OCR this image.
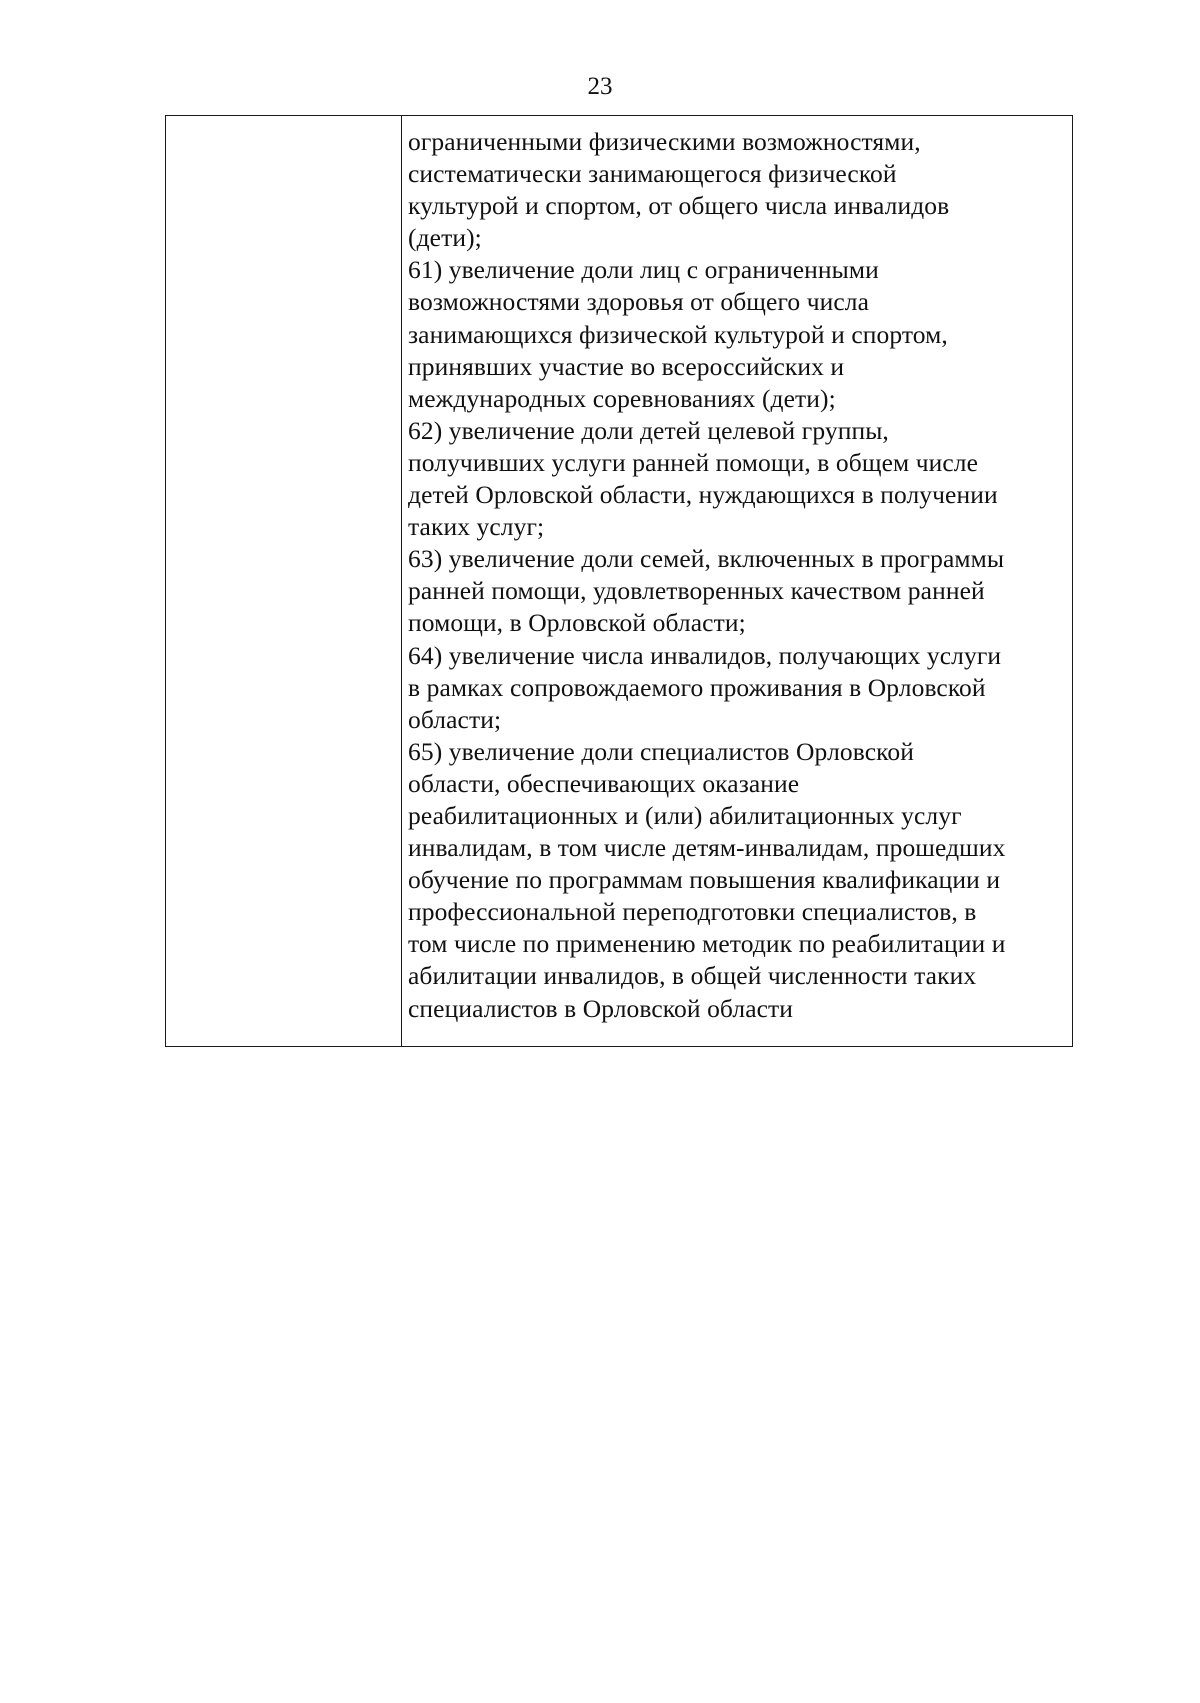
23
ограниченными физическими возможностями,
систематически занимающегося физической
культурой и спортом, от общего числа инвалидов
(дети);
61) увеличение доли лиц с ограниченными
возможностями здоровья от общего числа
занимающихся физической культурой и спортом,
принявших участие во всероссийских и
международных соревнованиях (дети);
62) увеличение доли детей целевой группы,
получивших услуги ранней помощи, в общем числе
детей Орловской области, нуждающихся в получении
таких услуг;
63) увеличение доли семей, включенных в программы
ранней помощи, удовлетворенных качеством ранней
помощи, в Орловской области;
64) увеличение числа инвалидов, получающих услуги
в рамках сопровождаемого проживания в Орловской
области;
65) увеличение доли специалистов Орловской
области, обеспечивающих оказание
реабилитационных и (или) абилитационных услуг
инвалидам, в том числе детям-инвалидам, прошедших
обучение по программам повышения квалификации и
профессиональной переподготовки специалистов, в
том числе по применению методик по реабилитации и
абилитации инвалидов, в общей численности таких
специалистов в Орловской области
